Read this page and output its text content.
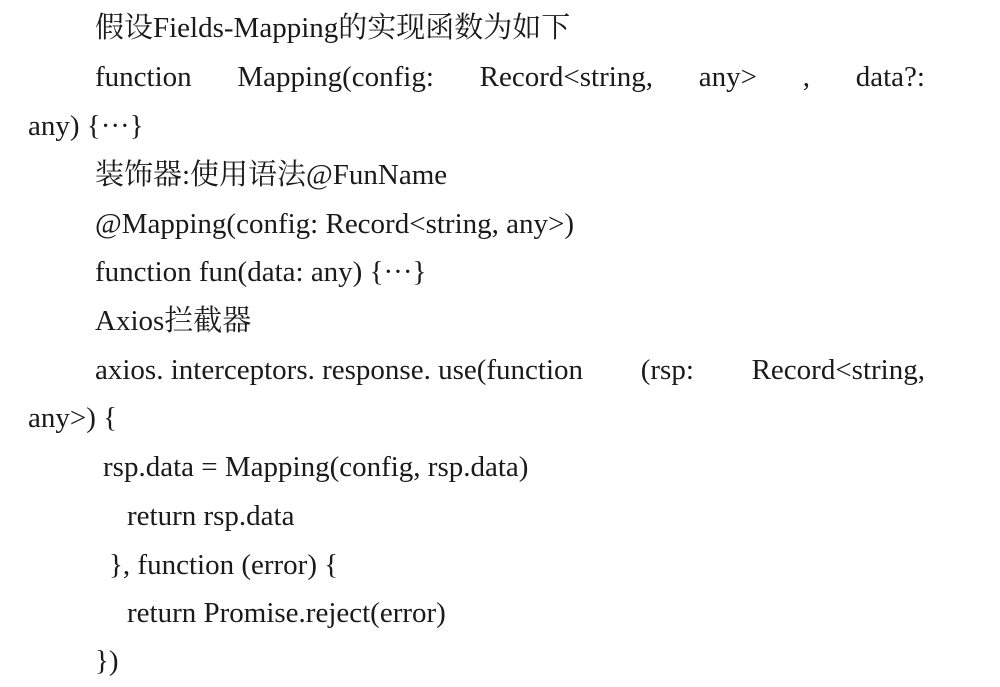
假设Fields-Mapping的实现函数为如下
function Mapping(config: Record<string, any> , data?:
any) {···}
装饰器:使用语法@FunName
@Mapping(config: Record<string, any>)
function fun(data: any) {···}
Axios拦截器
axios. interceptors. response. use(function (rsp: Record<string,
any>) {
rsp.data = Mapping(config, rsp.data)
return rsp.data
}, function (error) {
return Promise.reject(error)
})
